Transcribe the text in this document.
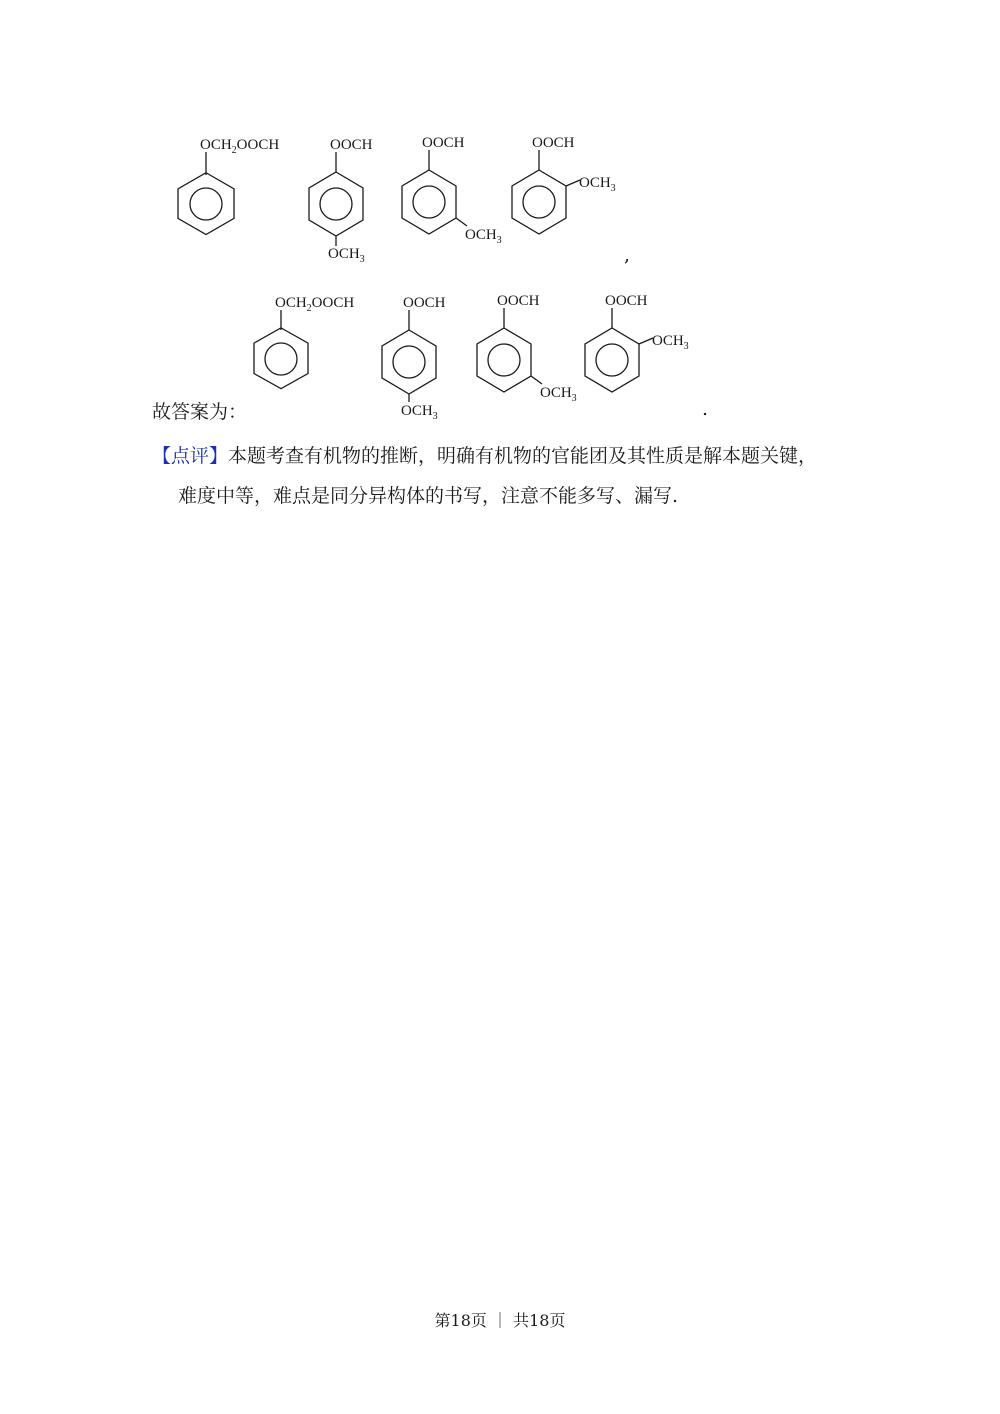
$OCH_2OOCH$	OOCH
$OCH_3$
OOCH
$OCH_3$
OOCH
$OCH_3$
,
$OCH_2OOCH$	OOCH
$OCH_3$
OOCH
$OCH_3$
OOCH
$OCH_3$
故答案为：	.
【点评】本题考查有机物的推断，明确有机物的官能团及其性质是解本题关键，
难度中等，难点是同分异构体的书写，注意不能多写、漏写.
第18页 ｜ 共18页
